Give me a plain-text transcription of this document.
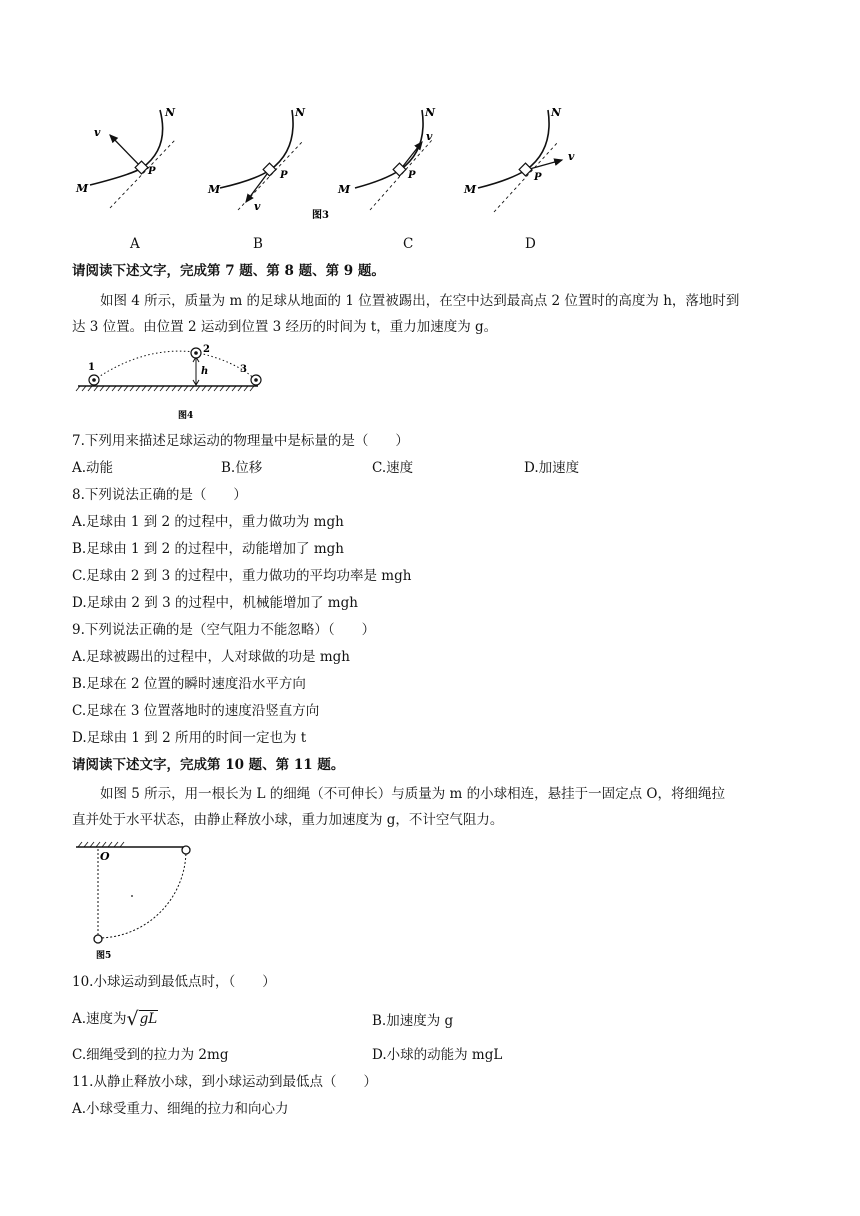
v
N
M
P
v
N
M
P
v
N
M
P
v
N
M
P
图3
A	B	C	D
请阅读下述文字，完成第 7 题、第 8 题、第 9 题。
如图 4 所示，质量为 m 的足球从地面的 1 位置被踢出，在空中达到最高点 2 位置时的高度为 h，落地时到
达 3 位置。由位置 2 运动到位置 3 经历的时间为 t，重力加速度为 g。
1
2
3
h
图4
7.下列用来描述足球运动的物理量中是标量的是（　　）
A.动能	B.位移	C.速度	D.加速度
8.下列说法正确的是（　　）
A.足球由 1 到 2 的过程中，重力做功为 mgh
B.足球由 1 到 2 的过程中，动能增加了 mgh
C.足球由 2 到 3 的过程中，重力做功的平均功率是 mgh
D.足球由 2 到 3 的过程中，机械能增加了 mgh
9.下列说法正确的是（空气阻力不能忽略）（　　）
A.足球被踢出的过程中，人对球做的功是 mgh
B.足球在 2 位置的瞬时速度沿水平方向
C.足球在 3 位置落地时的速度沿竖直方向
D.足球由 1 到 2 所用的时间一定也为 t
请阅读下述文字，完成第 10 题、第 11 题。
如图 5 所示，用一根长为 L 的细绳（不可伸长）与质量为 m 的小球相连，悬挂于一固定点 O，将细绳拉
直并处于水平状态，由静止释放小球，重力加速度为 g，不计空气阻力。
O
图5
10.小球运动到最低点时，（　　）
A.速度为√gL	B.加速度为 g
C.细绳受到的拉力为 2mg	D.小球的动能为 mgL
11.从静止释放小球，到小球运动到最低点（　　）
A.小球受重力、细绳的拉力和向心力
